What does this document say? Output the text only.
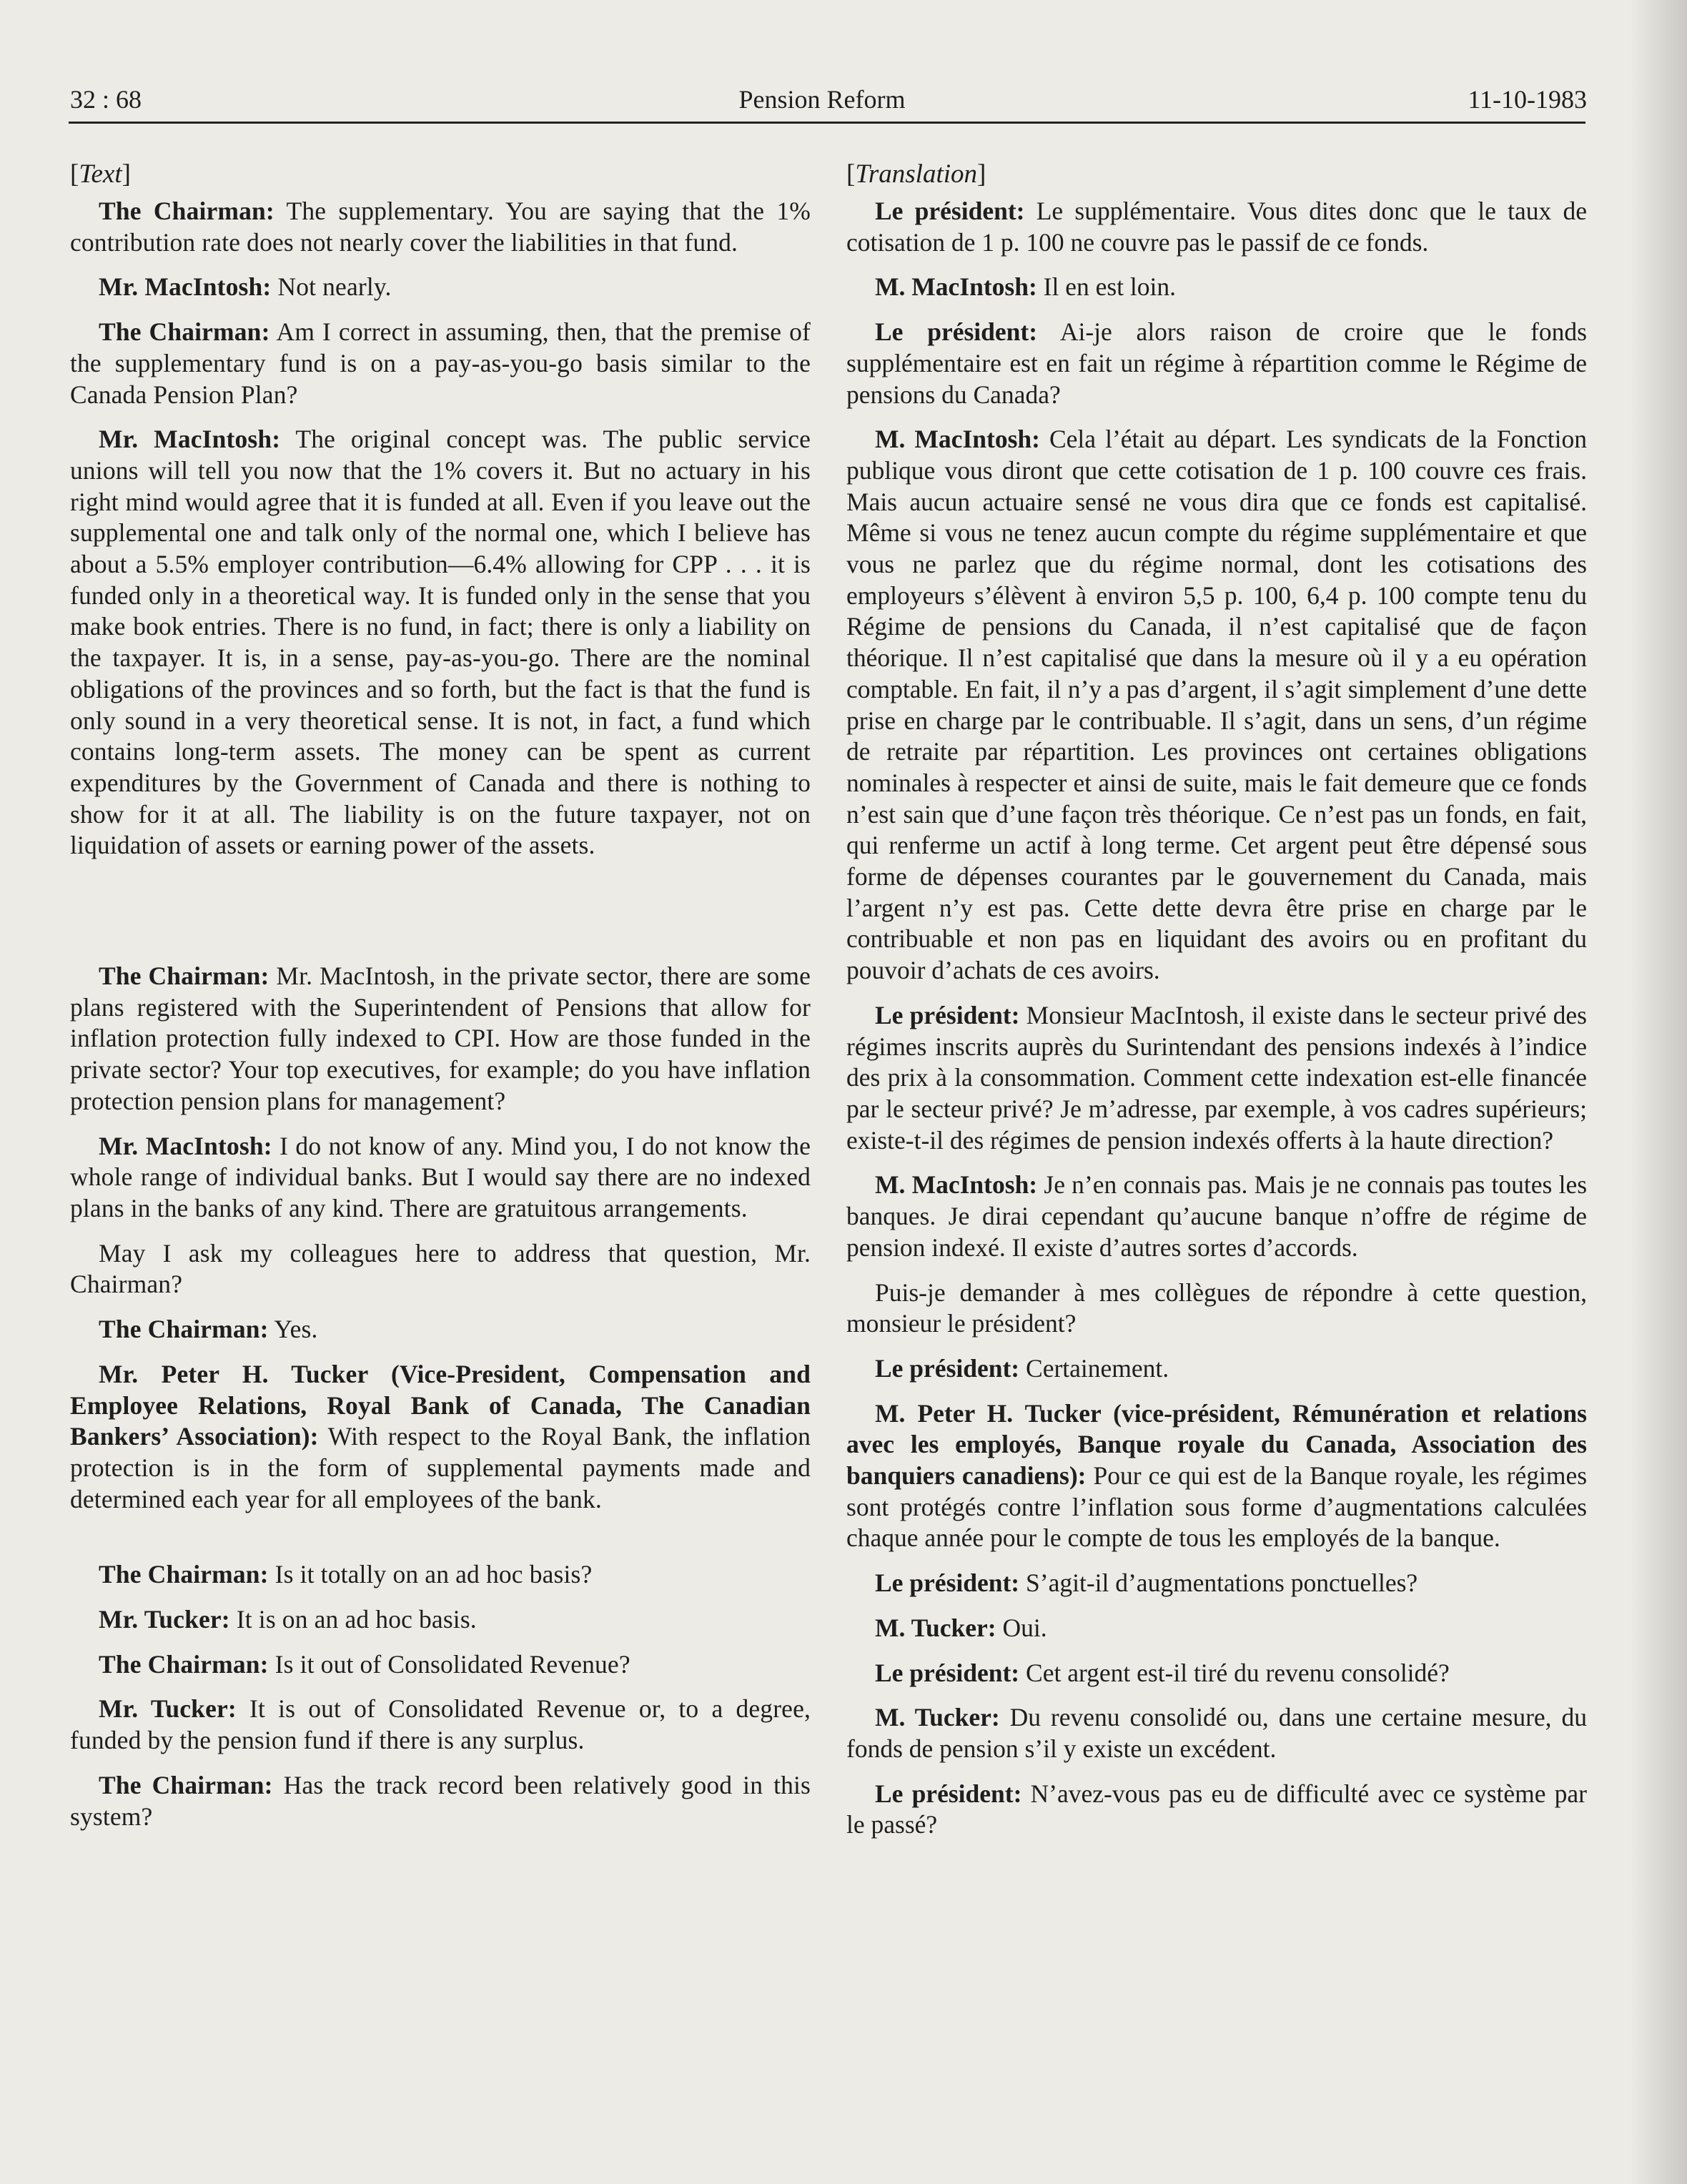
32 : 68	Pension Reform	11-10-1983
[Text]

The Chairman: The supplementary. You are saying that the 1% contribution rate does not nearly cover the liabilities in that fund.

Mr. MacIntosh: Not nearly.

The Chairman: Am I correct in assuming, then, that the premise of the supplementary fund is on a pay-as-you-go basis similar to the Canada Pension Plan?

Mr. MacIntosh: The original concept was. The public service unions will tell you now that the 1% covers it. But no actuary in his right mind would agree that it is funded at all. Even if you leave out the supplemental one and talk only of the normal one, which I believe has about a 5.5% employer contribution—6.4% allowing for CPP . . . it is funded only in a theoretical way. It is funded only in the sense that you make book entries. There is no fund, in fact; there is only a liability on the taxpayer. It is, in a sense, pay-as-you-go. There are the nominal obligations of the provinces and so forth, but the fact is that the fund is only sound in a very theoretical sense. It is not, in fact, a fund which contains long-term assets. The money can be spent as current expenditures by the Government of Canada and there is nothing to show for it at all. The liability is on the future taxpayer, not on liquidation of assets or earning power of the assets.

The Chairman: Mr. MacIntosh, in the private sector, there are some plans registered with the Superintendent of Pensions that allow for inflation protection fully indexed to CPI. How are those funded in the private sector? Your top executives, for example; do you have inflation protection pension plans for management?

Mr. MacIntosh: I do not know of any. Mind you, I do not know the whole range of individual banks. But I would say there are no indexed plans in the banks of any kind. There are gratuitous arrangements.

May I ask my colleagues here to address that question, Mr. Chairman?

The Chairman: Yes.

Mr. Peter H. Tucker (Vice-President, Compensation and Employee Relations, Royal Bank of Canada, The Canadian Bankers’ Association): With respect to the Royal Bank, the inflation protection is in the form of supplemental payments made and determined each year for all employees of the bank.

The Chairman: Is it totally on an ad hoc basis?

Mr. Tucker: It is on an ad hoc basis.

The Chairman: Is it out of Consolidated Revenue?

Mr. Tucker: It is out of Consolidated Revenue or, to a degree, funded by the pension fund if there is any surplus.

The Chairman: Has the track record been relatively good in this system?

[Translation]

Le président: Le supplémentaire. Vous dites donc que le taux de cotisation de 1 p. 100 ne couvre pas le passif de ce fonds.

M. MacIntosh: Il en est loin.

Le président: Ai-je alors raison de croire que le fonds supplémentaire est en fait un régime à répartition comme le Régime de pensions du Canada?

M. MacIntosh: Cela l’était au départ. Les syndicats de la Fonction publique vous diront que cette cotisation de 1 p. 100 couvre ces frais. Mais aucun actuaire sensé ne vous dira que ce fonds est capitalisé. Même si vous ne tenez aucun compte du régime supplémentaire et que vous ne parlez que du régime normal, dont les cotisations des employeurs s’élèvent à environ 5,5 p. 100, 6,4 p. 100 compte tenu du Régime de pensions du Canada, il n’est capitalisé que de façon théorique. Il n’est capitalisé que dans la mesure où il y a eu opération comptable. En fait, il n’y a pas d’argent, il s’agit simplement d’une dette prise en charge par le contribuable. Il s’agit, dans un sens, d’un régime de retraite par répartition. Les provinces ont certaines obligations nominales à respecter et ainsi de suite, mais le fait demeure que ce fonds n’est sain que d’une façon très théorique. Ce n’est pas un fonds, en fait, qui renferme un actif à long terme. Cet argent peut être dépensé sous forme de dépenses courantes par le gouvernement du Canada, mais l’argent n’y est pas. Cette dette devra être prise en charge par le contribuable et non pas en liquidant des avoirs ou en profitant du pouvoir d’achats de ces avoirs.

Le président: Monsieur MacIntosh, il existe dans le secteur privé des régimes inscrits auprès du Surintendant des pensions indexés à l’indice des prix à la consommation. Comment cette indexation est-elle financée par le secteur privé? Je m’adresse, par exemple, à vos cadres supérieurs; existe-t-il des régimes de pension indexés offerts à la haute direction?

M. MacIntosh: Je n’en connais pas. Mais je ne connais pas toutes les banques. Je dirai cependant qu’aucune banque n’offre de régime de pension indexé. Il existe d’autres sortes d’accords.

Puis-je demander à mes collègues de répondre à cette question, monsieur le président?

Le président: Certainement.

M. Peter H. Tucker (vice-président, Rémunération et relations avec les employés, Banque royale du Canada, Association des banquiers canadiens): Pour ce qui est de la Banque royale, les régimes sont protégés contre l’inflation sous forme d’augmentations calculées chaque année pour le compte de tous les employés de la banque.

Le président: S’agit-il d’augmentations ponctuelles?

M. Tucker: Oui.

Le président: Cet argent est-il tiré du revenu consolidé?

M. Tucker: Du revenu consolidé ou, dans une certaine mesure, du fonds de pension s’il y existe un excédent.

Le président: N’avez-vous pas eu de difficulté avec ce système par le passé?
